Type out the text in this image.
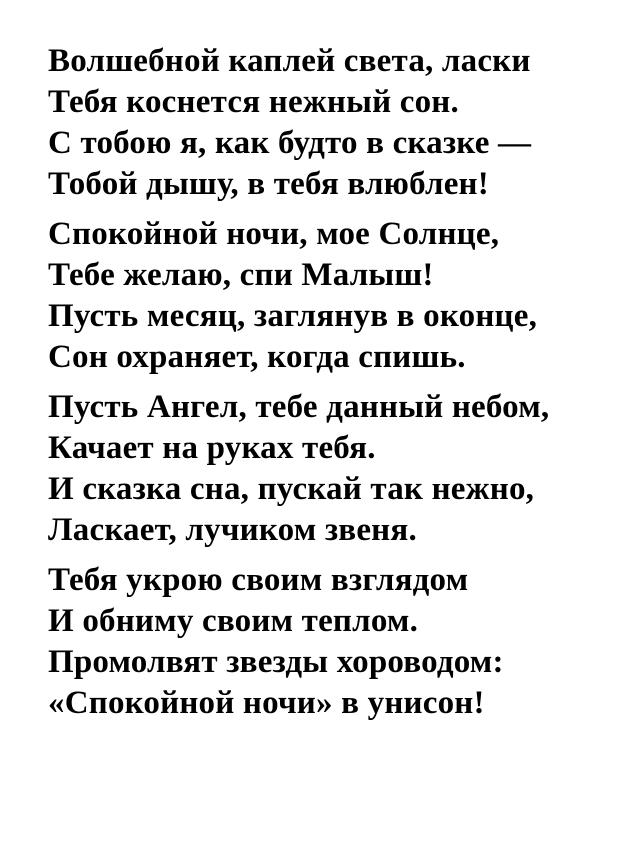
Волшебной каплей света, ласки
Тебя коснется нежный сон.
С тобою я, как будто в сказке —
Тобой дышу, в тебя влюблен!
Спокойной ночи, мое Солнце,
Тебе желаю, спи Малыш!
Пусть месяц, заглянув в оконце,
Сон охраняет, когда спишь.
Пусть Ангел, тебе данный небом,
Качает на руках тебя.
И сказка сна, пускай так нежно,
Ласкает, лучиком звеня.
Тебя укрою своим взглядом
И обниму своим теплом.
Промолвят звезды хороводом:
«Спокойной ночи» в унисон!
